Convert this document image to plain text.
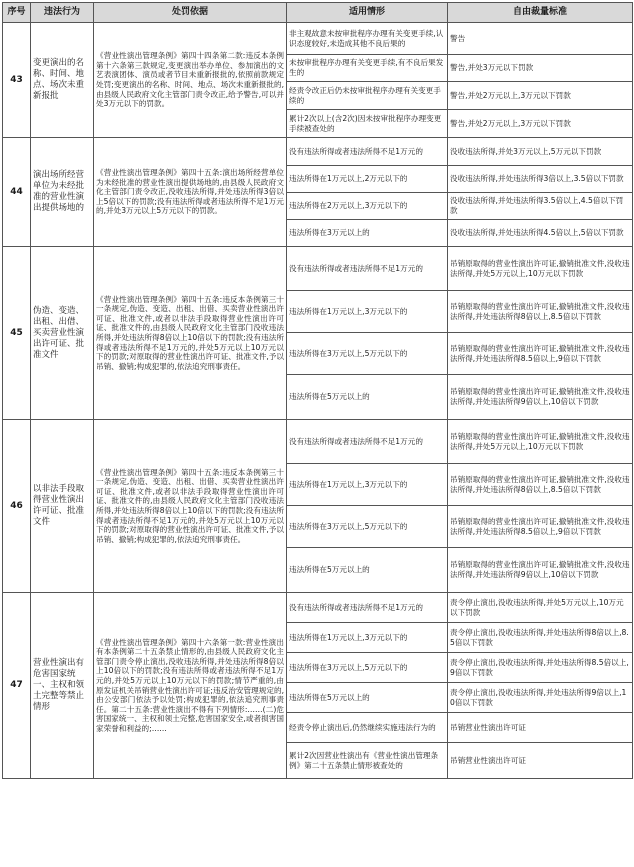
序号	违法行为	处罚依据	适用情形	自由裁量标准
43	变更演出的名称、时间、地点、场次未重新报批	《营业性演出管理条例》第四十四条第二款:违反本条例第十六条第三款规定,变更演出举办单位、参加演出的文艺表演团体、演员或者节目未重新报批的,依照前款规定处罚;变更演出的名称、时间、地点、场次未重新报批的,由县级人民政府文化主管部门责令改正,给予警告,可以并处3万元以下的罚款。	非主观故意未按审批程序办理有关变更手续,认识态度较好,未造成其他不良后果的	警告
			未按审批程序办理有关变更手续,有不良后果发生的	警告,并处3万元以下罚款
			经责令改正后仍未按审批程序办理有关变更手续的	警告,并处2万元以上,3万元以下罚款
			累计2次以上(含2次)因未按审批程序办理变更手续被查处的	警告,并处2万元以上,3万元以下罚款
44	演出场所经营单位为未经批准的营业性演出提供场地的	《营业性演出管理条例》第四十五条:演出场所经营单位为未经批准的营业性演出提供场地的,由县级人民政府文化主管部门责令改正,没收违法所得,并处违法所得3倍以上5倍以下的罚款;没有违法所得或者违法所得不足1万元的,并处3万元以上5万元以下的罚款。	没有违法所得或者违法所得不足1万元的	没收违法所得,并处3万元以上,5万元以下罚款
			违法所得在1万元以上,2万元以下的	没收违法所得,并处违法所得3倍以上,3.5倍以下罚款
			违法所得在2万元以上,3万元以下的	没收违法所得,并处违法所得3.5倍以上,4.5倍以下罚款
			违法所得在3万元以上的	没收违法所得,并处违法所得4.5倍以上,5倍以下罚款
45	伪造、变造、出租、出借、买卖营业性演出许可证、批准文件	《营业性演出管理条例》第四十五条:违反本条例第三十一条规定,伪造、变造、出租、出借、买卖营业性演出许可证、批准文件,或者以非法手段取得营业性演出许可证、批准文件的,由县级人民政府文化主管部门没收违法所得,并处违法所得8倍以上10倍以下的罚款;没有违法所得或者违法所得不足1万元的,并处5万元以上10万元以下的罚款;对原取得的营业性演出许可证、批准文件,予以吊销、撤销;构成犯罪的,依法追究刑事责任。	没有违法所得或者违法所得不足1万元的	吊销原取得的营业性演出许可证,撤销批准文件,没收违法所得,并处5万元以上,10万元以下罚款
			违法所得在1万元以上,3万元以下的	吊销原取得的营业性演出许可证,撤销批准文件,没收违法所得,并处违法所得8倍以上,8.5倍以下罚款
			违法所得在3万元以上,5万元以下的	吊销原取得的营业性演出许可证,撤销批准文件,没收违法所得,并处违法所得8.5倍以上,9倍以下罚款
			违法所得在5万元以上的	吊销原取得的营业性演出许可证,撤销批准文件,没收违法所得,并处违法所得9倍以上,10倍以下罚款
46	以非法手段取得营业性演出许可证、批准文件	《营业性演出管理条例》第四十五条:违反本条例第三十一条规定,伪造、变造、出租、出借、买卖营业性演出许可证、批准文件,或者以非法手段取得营业性演出许可证、批准文件的,由县级人民政府文化主管部门没收违法所得,并处违法所得8倍以上10倍以下的罚款;没有违法所得或者违法所得不足1万元的,并处5万元以上10万元以下的罚款;对原取得的营业性演出许可证、批准文件,予以吊销、撤销;构成犯罪的,依法追究刑事责任。	没有违法所得或者违法所得不足1万元的	吊销原取得的营业性演出许可证,撤销批准文件,没收违法所得,并处5万元以上,10万元以下罚款
			违法所得在1万元以上,3万元以下的	吊销原取得的营业性演出许可证,撤销批准文件,没收违法所得,并处违法所得8倍以上,8.5倍以下罚款
			违法所得在3万元以上,5万元以下的	吊销原取得的营业性演出许可证,撤销批准文件,没收违法所得,并处违法所得8.5倍以上,9倍以下罚款
			违法所得在5万元以上的	吊销原取得的营业性演出许可证,撤销批准文件,没收违法所得,并处违法所得9倍以上,10倍以下罚款
47	营业性演出有危害国家统一、主权和领土完整等禁止情形	《营业性演出管理条例》第四十六条第一款:营业性演出有本条例第二十五条禁止情形的,由县级人民政府文化主管部门责令停止演出,没收违法所得,并处违法所得8倍以上10倍以下的罚款;没有违法所得或者违法所得不足1万元的,并处5万元以上10万元以下的罚款;情节严重的,由原发证机关吊销营业性演出许可证;违反治安管理规定的,由公安部门依法予以处罚;构成犯罪的,依法追究刑事责任。第二十五条:营业性演出不得有下列情形:……(二)危害国家统一、主权和领土完整,危害国家安全,或者损害国家荣誉和利益的;……	没有违法所得或者违法所得不足1万元的	责令停止演出,没收违法所得,并处5万元以上,10万元以下罚款
			违法所得在1万元以上,3万元以下的	责令停止演出,没收违法所得,并处违法所得8倍以上,8.5倍以下罚款
			违法所得在3万元以上,5万元以下的	责令停止演出,没收违法所得,并处违法所得8.5倍以上,9倍以下罚款
			违法所得在5万元以上的	责令停止演出,没收违法所得,并处违法所得9倍以上,10倍以下罚款
			经责令停止演出后,仍然继续实施违法行为的	吊销营业性演出许可证
			累计2次因营业性演出有《营业性演出管理条例》第二十五条禁止情形被查处的	吊销营业性演出许可证
